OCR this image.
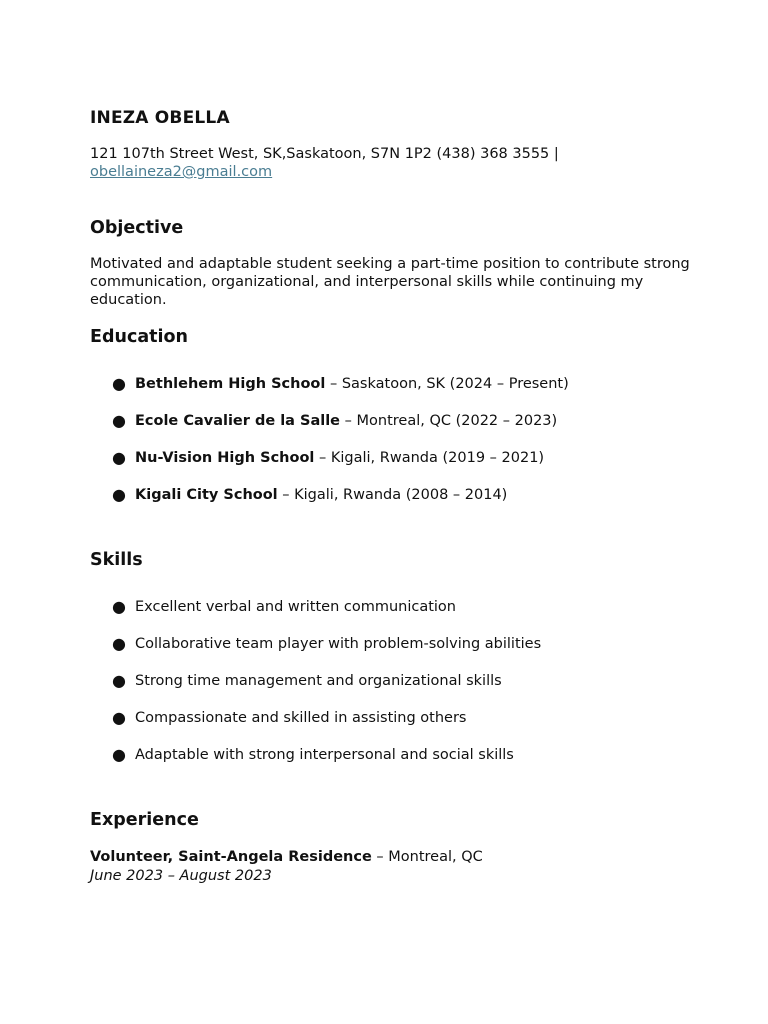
INEZA OBELLA
121 107th Street West, SK,Saskatoon, S7N 1P2 (438) 368 3555 |
obellaineza2@gmail.com
Objective
Motivated and adaptable student seeking a part-time position to contribute strong communication, organizational, and interpersonal skills while continuing my education.
Education
● Bethlehem High School – Saskatoon, SK (2024 – Present)
● Ecole Cavalier de la Salle – Montreal, QC (2022 – 2023)
● Nu-Vision High School – Kigali, Rwanda (2019 – 2021)
● Kigali City School – Kigali, Rwanda (2008 – 2014)
Skills
● Excellent verbal and written communication
● Collaborative team player with problem-solving abilities
● Strong time management and organizational skills
● Compassionate and skilled in assisting others
● Adaptable with strong interpersonal and social skills
Experience
Volunteer, Saint-Angela Residence – Montreal, QC
June 2023 – August 2023
